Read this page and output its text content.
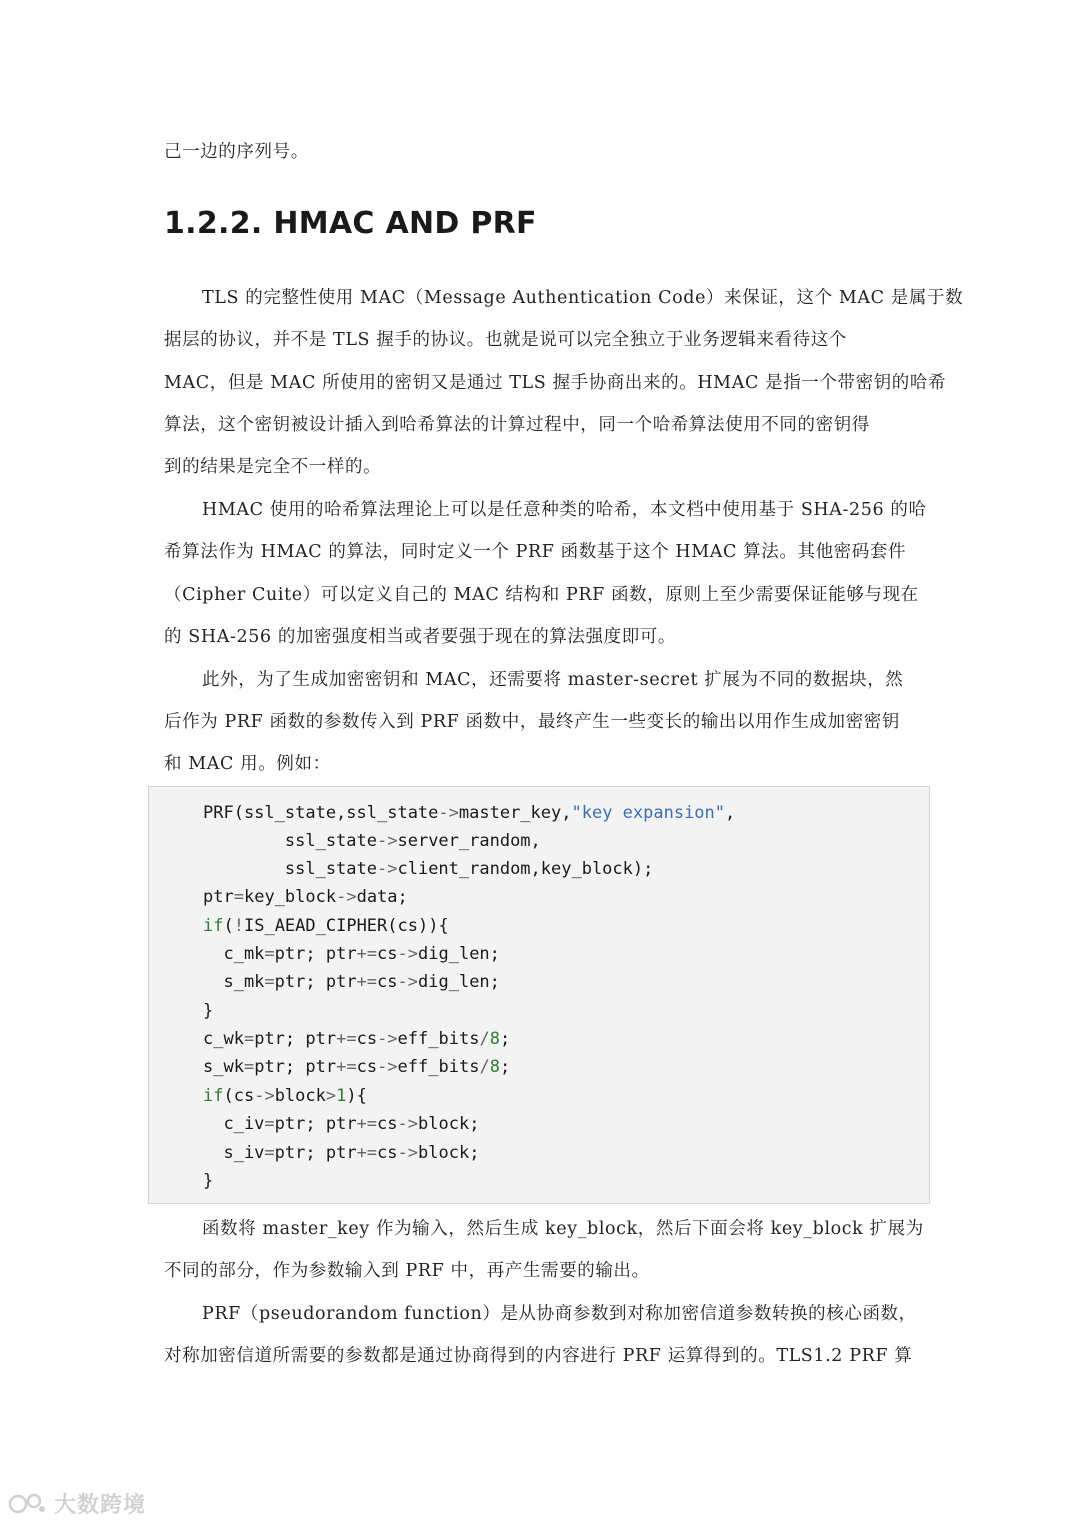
己一边的序列号。

1.2.2. HMAC AND PRF

TLS 的完整性使用 MAC（Message Authentication Code）来保证，这个 MAC 是属于数

据层的协议，并不是 TLS 握手的协议。也就是说可以完全独立于业务逻辑来看待这个

MAC，但是 MAC 所使用的密钥又是通过 TLS 握手协商出来的。HMAC 是指一个带密钥的哈希

算法，这个密钥被设计插入到哈希算法的计算过程中，同一个哈希算法使用不同的密钥得

到的结果是完全不一样的。

HMAC 使用的哈希算法理论上可以是任意种类的哈希，本文档中使用基于 SHA-256 的哈

希算法作为 HMAC 的算法，同时定义一个 PRF 函数基于这个 HMAC 算法。其他密码套件

（Cipher Cuite）可以定义自己的 MAC 结构和 PRF 函数，原则上至少需要保证能够与现在

的 SHA-256 的加密强度相当或者要强于现在的算法强度即可。

此外，为了生成加密密钥和 MAC，还需要将 master-secret 扩展为不同的数据块，然

后作为 PRF 函数的参数传入到 PRF 函数中，最终产生一些变长的输出以用作生成加密密钥

和 MAC 用。例如：

PRF(ssl_state,ssl_state->master_key,"key expansion",

ssl_state->server_random,

ssl_state->client_random,key_block);

ptr=key_block->data;

if(!IS_AEAD_CIPHER(cs)){

c_mk=ptr; ptr+=cs->dig_len;

s_mk=ptr; ptr+=cs->dig_len;

}

c_wk=ptr; ptr+=cs->eff_bits/8;

s_wk=ptr; ptr+=cs->eff_bits/8;

if(cs->block>1){

c_iv=ptr; ptr+=cs->block;

s_iv=ptr; ptr+=cs->block;

}

函数将 master_key 作为输入，然后生成 key_block，然后下面会将 key_block 扩展为

不同的部分，作为参数输入到 PRF 中，再产生需要的输出。

PRF（pseudorandom function）是从协商参数到对称加密信道参数转换的核心函数，

对称加密信道所需要的参数都是通过协商得到的内容进行 PRF 运算得到的。TLS1.2 PRF 算

大数跨境
